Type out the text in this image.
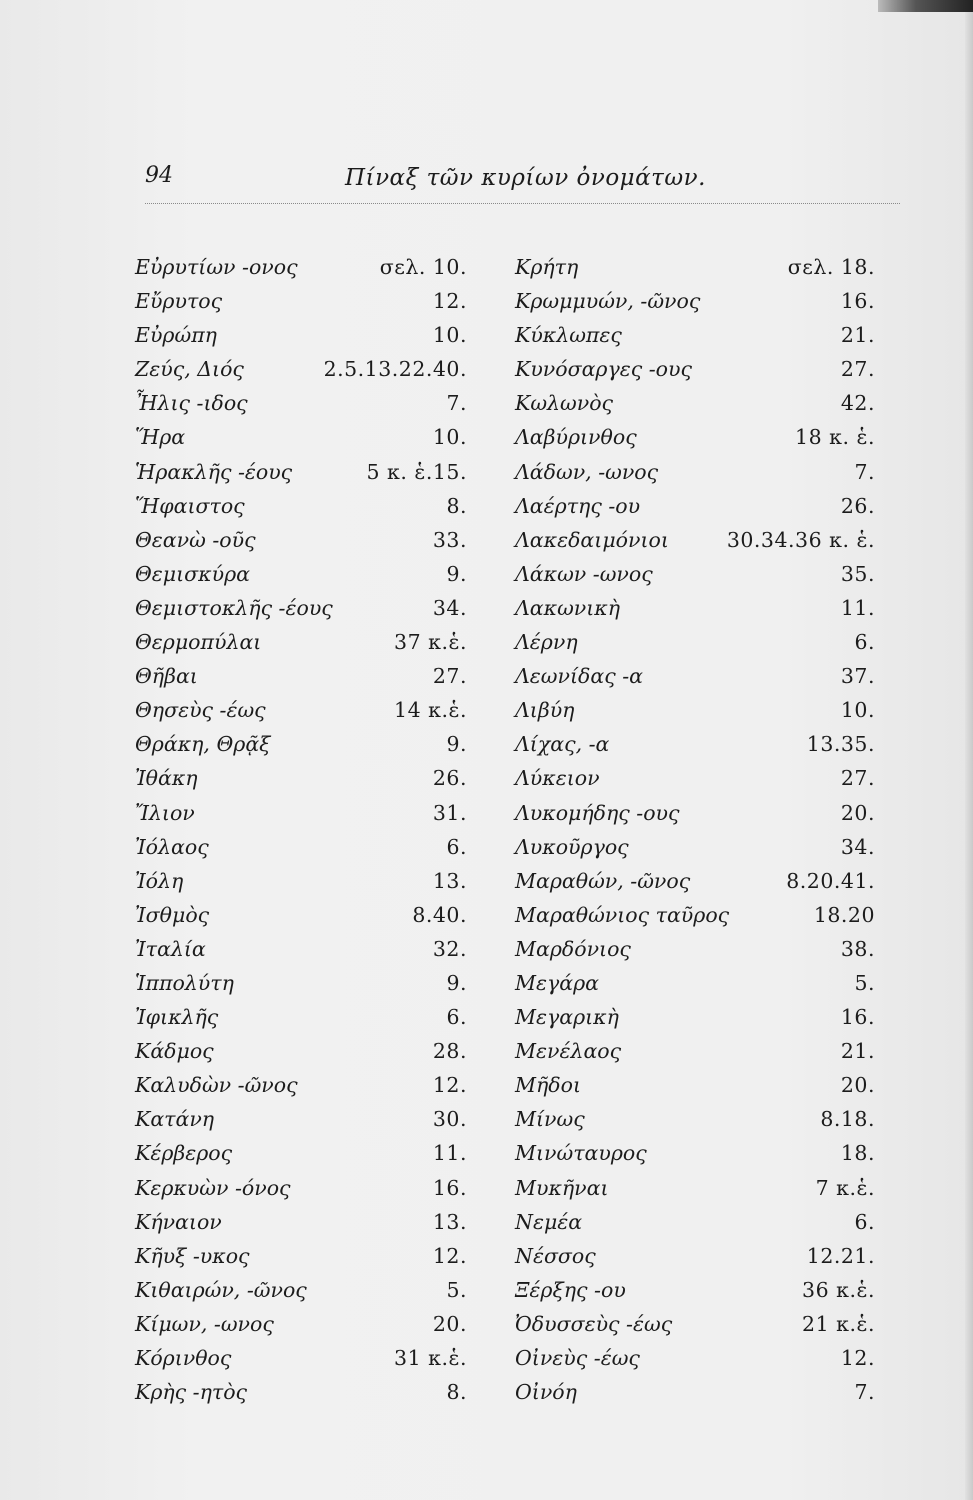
94	Πίναξ τῶν κυρίων ὀνομάτων.
Εὐρυτίων -ονος	σελ. 10.
Εὔρυτος	12.
Εὐρώπη	10.
Ζεύς, Διός	2.5.13.22.40.
Ἦλις -ιδος	7.
Ἥρα	10.
Ἡρακλῆς -έους	5 κ. ἑ.15.
Ἥφαιστος	8.
Θεανὼ -οῦς	33.
Θεμισκύρα	9.
Θεμιστοκλῆς -έους	34.
Θερμοπύλαι	37 κ.ἑ.
Θῆβαι	27.
Θησεὺς -έως	14 κ.ἑ.
Θράκη, Θρᾷξ	9.
Ἰθάκη	26.
Ἴλιον	31.
Ἰόλαος	6.
Ἰόλη	13.
Ἰσθμὸς	8.40.
Ἰταλία	32.
Ἱππολύτη	9.
Ἰφικλῆς	6.
Κάδμος	28.
Καλυδὼν -ῶνος	12.
Κατάνη	30.
Κέρβερος	11.
Κερκυὼν -όνος	16.
Κήναιον	13.
Κῆυξ -υκος	12.
Κιθαιρών, -ῶνος	5.
Κίμων, -ωνος	20.
Κόρινθος	31 κ.ἑ.
Κρὴς -ητὸς	8.
Κρήτη	σελ. 18.
Κρωμμυών, -ῶνος	16.
Κύκλωπες	21.
Κυνόσαργες -ους	27.
Κωλωνὸς	42.
Λαβύρινθος	18 κ. ἑ.
Λάδων, -ωνος	7.
Λαέρτης -ου	26.
Λακεδαιμόνιοι	30.34.36 κ. ἑ.
Λάκων -ωνος	35.
Λακωνικὴ	11.
Λέρνη	6.
Λεωνίδας -α	37.
Λιβύη	10.
Λίχας, -α	13.35.
Λύκειον	27.
Λυκομήδης -ους	20.
Λυκοῦργος	34.
Μαραθών, -ῶνος	8.20.41.
Μαραθώνιος ταῦρος	18.20
Μαρδόνιος	38.
Μεγάρα	5.
Μεγαρικὴ	16.
Μενέλαος	21.
Μῆδοι	20.
Μίνως	8.18.
Μινώταυρος	18.
Μυκῆναι	7 κ.ἑ.
Νεμέα	6.
Νέσσος	12.21.
Ξέρξης -ου	36 κ.ἑ.
Ὀδυσσεὺς -έως	21 κ.ἑ.
Οἰνεὺς -έως	12.
Οἰνόη	7.
